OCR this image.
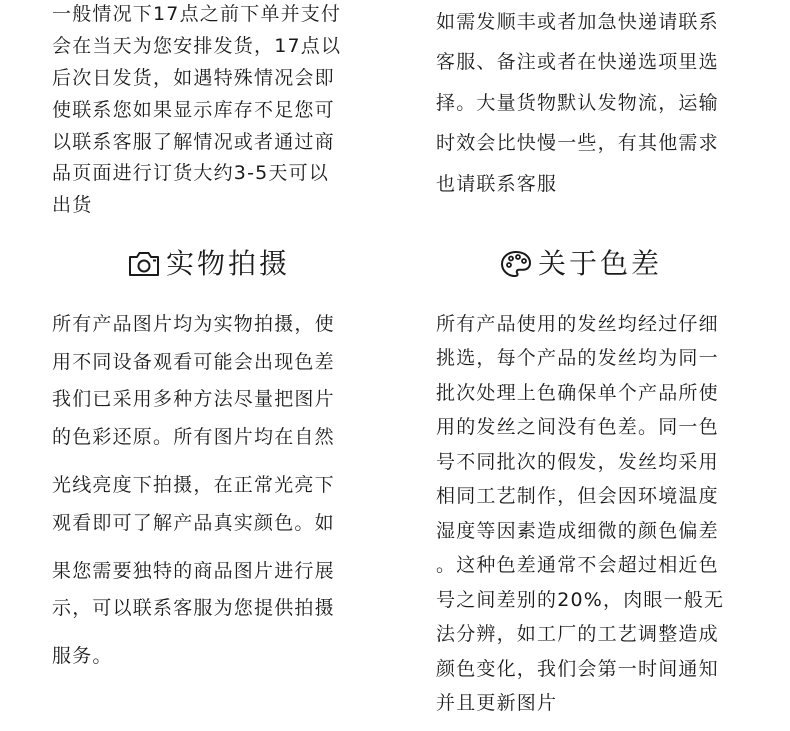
一般情况下17点之前下单并支付
会在当天为您安排发货，17点以
后次日发货，如遇特殊情况会即
使联系您如果显示库存不足您可
以联系客服了解情况或者通过商
品页面进行订货大约3-5天可以
出货
如需发顺丰或者加急快递请联系
客服、备注或者在快递选项里选
择。大量货物默认发物流，运输
时效会比快慢一些，有其他需求
也请联系客服
实物拍摄	关于色差
所有产品图片均为实物拍摄，使
用不同设备观看可能会出现色差
我们已采用多种方法尽量把图片
的色彩还原。所有图片均在自然
光线亮度下拍摄，在正常光亮下
观看即可了解产品真实颜色。如
果您需要独特的商品图片进行展
示，可以联系客服为您提供拍摄
服务。
所有产品使用的发丝均经过仔细
挑选，每个产品的发丝均为同一
批次处理上色确保单个产品所使
用的发丝之间没有色差。同一色
号不同批次的假发，发丝均采用
相同工艺制作，但会因环境温度
湿度等因素造成细微的颜色偏差
。这种色差通常不会超过相近色
号之间差别的20%，肉眼一般无
法分辨，如工厂的工艺调整造成
颜色变化，我们会第一时间通知
并且更新图片
